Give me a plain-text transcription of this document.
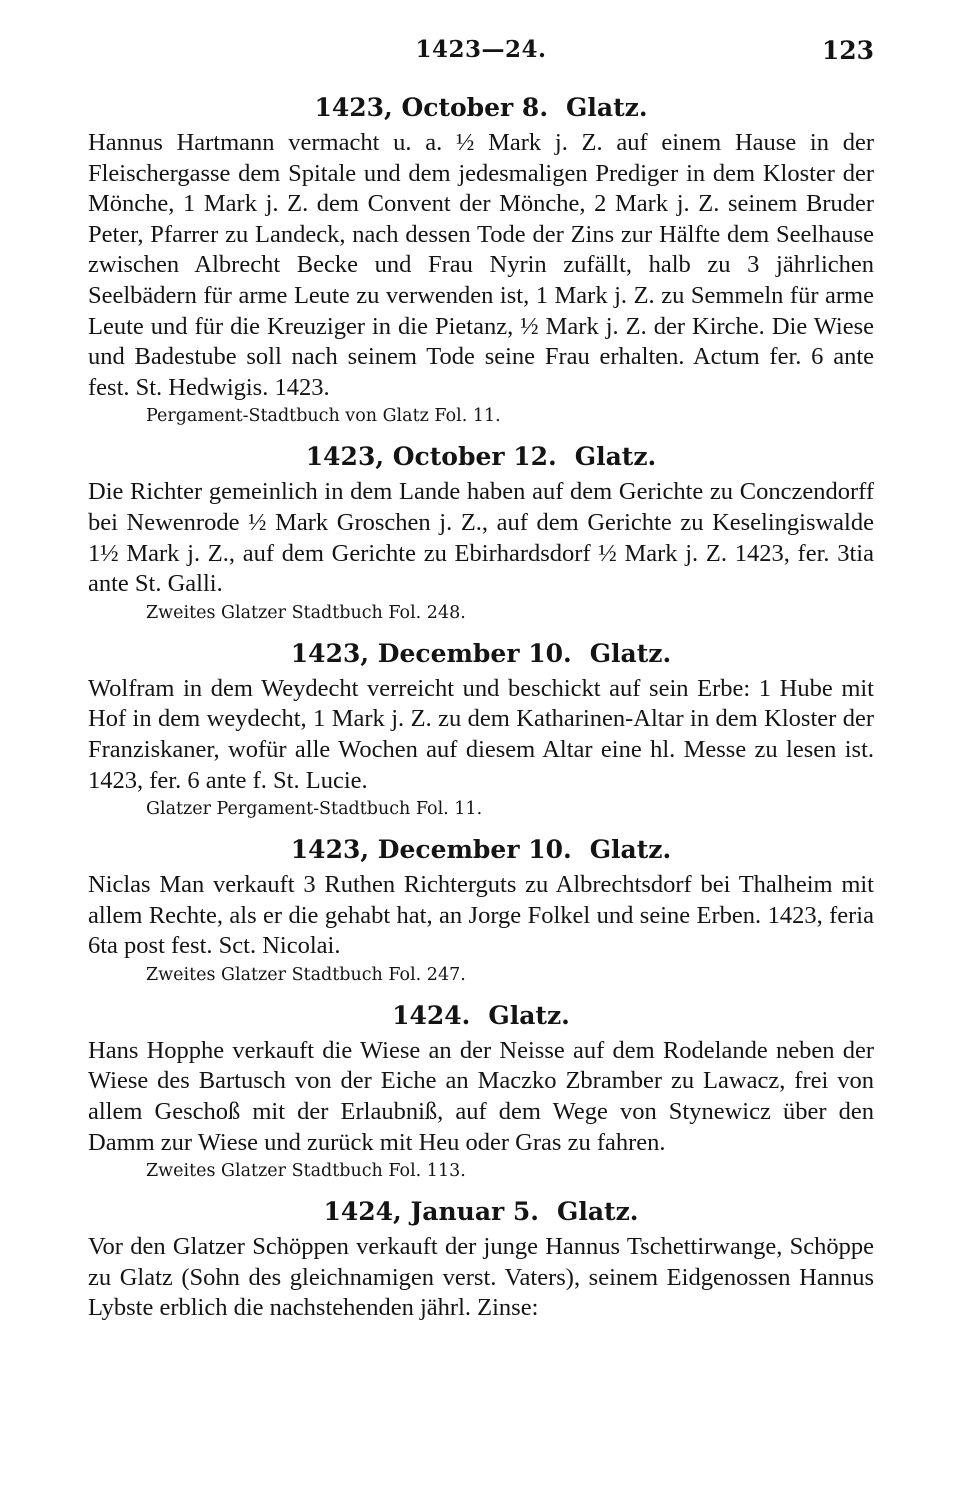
1423—24.	123
1423, October 8. Glatz.

Hannus Hartmann vermacht u. a. ½ Mark j. Z. auf einem Hause in der Fleischergasse dem Spitale und dem jedesmaligen Prediger in dem Kloster der Mönche, 1 Mark j. Z. dem Convent der Mönche, 2 Mark j. Z. seinem Bruder Peter, Pfarrer zu Landeck, nach dessen Tode der Zins zur Hälfte dem Seelhause zwischen Albrecht Becke und Frau Nyrin zufällt, halb zu 3 jährlichen Seelbädern für arme Leute zu verwenden ist, 1 Mark j. Z. zu Semmeln für arme Leute und für die Kreuziger in die Pietanz, ½ Mark j. Z. der Kirche. Die Wiese und Badestube soll nach seinem Tode seine Frau erhalten. Actum fer. 6 ante fest. St. Hedwigis. 1423.

Pergament-Stadtbuch von Glatz Fol. 11.
1423, October 12. Glatz.

Die Richter gemeinlich in dem Lande haben auf dem Gerichte zu Conczendorff bei Newenrode ½ Mark Groschen j. Z., auf dem Gerichte zu Keselingiswalde 1½ Mark j. Z., auf dem Gerichte zu Ebirhardsdorf ½ Mark j. Z. 1423, fer. 3tia ante St. Galli.

Zweites Glatzer Stadtbuch Fol. 248.
1423, December 10. Glatz.

Wolfram in dem Weydecht verreicht und beschickt auf sein Erbe: 1 Hube mit Hof in dem weydecht, 1 Mark j. Z. zu dem Katharinen-Altar in dem Kloster der Franziskaner, wofür alle Wochen auf diesem Altar eine hl. Messe zu lesen ist. 1423, fer. 6 ante f. St. Lucie.

Glatzer Pergament-Stadtbuch Fol. 11.
1423, December 10. Glatz.

Niclas Man verkauft 3 Ruthen Richterguts zu Albrechtsdorf bei Thalheim mit allem Rechte, als er die gehabt hat, an Jorge Folkel und seine Erben. 1423, feria 6ta post fest. Sct. Nicolai.

Zweites Glatzer Stadtbuch Fol. 247.
1424. Glatz.

Hans Hopphe verkauft die Wiese an der Neisse auf dem Rodelande neben der Wiese des Bartusch von der Eiche an Maczko Zbramber zu Lawacz, frei von allem Geschoß mit der Erlaubniß, auf dem Wege von Stynewicz über den Damm zur Wiese und zurück mit Heu oder Gras zu fahren.

Zweites Glatzer Stadtbuch Fol. 113.
1424, Januar 5. Glatz.

Vor den Glatzer Schöppen verkauft der junge Hannus Tschettirwange, Schöppe zu Glatz (Sohn des gleichnamigen verst. Vaters), seinem Eidgenossen Hannus Lybste erblich die nachstehenden jährl. Zinse:
